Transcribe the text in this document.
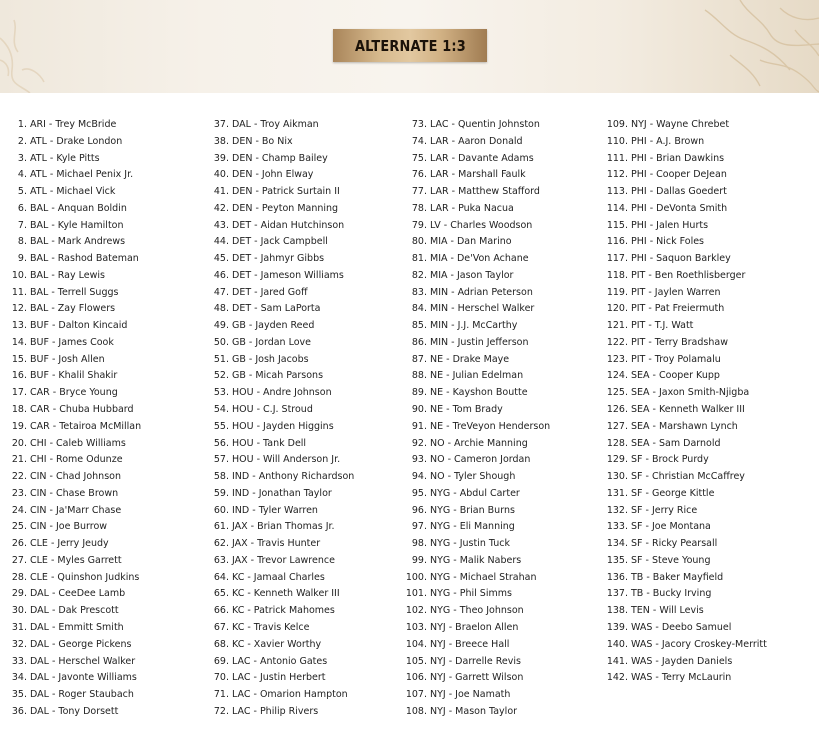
ALTERNATE 1:3
1. ARI - Trey McBride
2. ATL - Drake London
3. ATL - Kyle Pitts
4. ATL - Michael Penix Jr.
5. ATL - Michael Vick
6. BAL - Anquan Boldin
7. BAL - Kyle Hamilton
8. BAL - Mark Andrews
9. BAL - Rashod Bateman
10. BAL - Ray Lewis
11. BAL - Terrell Suggs
12. BAL - Zay Flowers
13. BUF - Dalton Kincaid
14. BUF - James Cook
15. BUF - Josh Allen
16. BUF - Khalil Shakir
17. CAR - Bryce Young
18. CAR - Chuba Hubbard
19. CAR - Tetairoa McMillan
20. CHI - Caleb Williams
21. CHI - Rome Odunze
22. CIN - Chad Johnson
23. CIN - Chase Brown
24. CIN - Ja'Marr Chase
25. CIN - Joe Burrow
26. CLE - Jerry Jeudy
27. CLE - Myles Garrett
28. CLE - Quinshon Judkins
29. DAL - CeeDee Lamb
30. DAL - Dak Prescott
31. DAL - Emmitt Smith
32. DAL - George Pickens
33. DAL - Herschel Walker
34. DAL - Javonte Williams
35. DAL - Roger Staubach
36. DAL - Tony Dorsett
37. DAL - Troy Aikman
38. DEN - Bo Nix
39. DEN - Champ Bailey
40. DEN - John Elway
41. DEN - Patrick Surtain II
42. DEN - Peyton Manning
43. DET - Aidan Hutchinson
44. DET - Jack Campbell
45. DET - Jahmyr Gibbs
46. DET - Jameson Williams
47. DET - Jared Goff
48. DET - Sam LaPorta
49. GB - Jayden Reed
50. GB - Jordan Love
51. GB - Josh Jacobs
52. GB - Micah Parsons
53. HOU - Andre Johnson
54. HOU - C.J. Stroud
55. HOU - Jayden Higgins
56. HOU - Tank Dell
57. HOU - Will Anderson Jr.
58. IND - Anthony Richardson
59. IND - Jonathan Taylor
60. IND - Tyler Warren
61. JAX - Brian Thomas Jr.
62. JAX - Travis Hunter
63. JAX - Trevor Lawrence
64. KC - Jamaal Charles
65. KC - Kenneth Walker III
66. KC - Patrick Mahomes
67. KC - Travis Kelce
68. KC - Xavier Worthy
69. LAC - Antonio Gates
70. LAC - Justin Herbert
71. LAC - Omarion Hampton
72. LAC - Philip Rivers
73. LAC - Quentin Johnston
74. LAR - Aaron Donald
75. LAR - Davante Adams
76. LAR - Marshall Faulk
77. LAR - Matthew Stafford
78. LAR - Puka Nacua
79. LV - Charles Woodson
80. MIA - Dan Marino
81. MIA - De'Von Achane
82. MIA - Jason Taylor
83. MIN - Adrian Peterson
84. MIN - Herschel Walker
85. MIN - J.J. McCarthy
86. MIN - Justin Jefferson
87. NE - Drake Maye
88. NE - Julian Edelman
89. NE - Kayshon Boutte
90. NE - Tom Brady
91. NE - TreVeyon Henderson
92. NO - Archie Manning
93. NO - Cameron Jordan
94. NO - Tyler Shough
95. NYG - Abdul Carter
96. NYG - Brian Burns
97. NYG - Eli Manning
98. NYG - Justin Tuck
99. NYG - Malik Nabers
100. NYG - Michael Strahan
101. NYG - Phil Simms
102. NYG - Theo Johnson
103. NYJ - Braelon Allen
104. NYJ - Breece Hall
105. NYJ - Darrelle Revis
106. NYJ - Garrett Wilson
107. NYJ - Joe Namath
108. NYJ - Mason Taylor
109. NYJ - Wayne Chrebet
110. PHI - A.J. Brown
111. PHI - Brian Dawkins
112. PHI - Cooper DeJean
113. PHI - Dallas Goedert
114. PHI - DeVonta Smith
115. PHI - Jalen Hurts
116. PHI - Nick Foles
117. PHI - Saquon Barkley
118. PIT - Ben Roethlisberger
119. PIT - Jaylen Warren
120. PIT - Pat Freiermuth
121. PIT - T.J. Watt
122. PIT - Terry Bradshaw
123. PIT - Troy Polamalu
124. SEA - Cooper Kupp
125. SEA - Jaxon Smith-Njigba
126. SEA - Kenneth Walker III
127. SEA - Marshawn Lynch
128. SEA - Sam Darnold
129. SF - Brock Purdy
130. SF - Christian McCaffrey
131. SF - George Kittle
132. SF - Jerry Rice
133. SF - Joe Montana
134. SF - Ricky Pearsall
135. SF - Steve Young
136. TB - Baker Mayfield
137. TB - Bucky Irving
138. TEN - Will Levis
139. WAS - Deebo Samuel
140. WAS - Jacory Croskey-Merritt
141. WAS - Jayden Daniels
142. WAS - Terry McLaurin
